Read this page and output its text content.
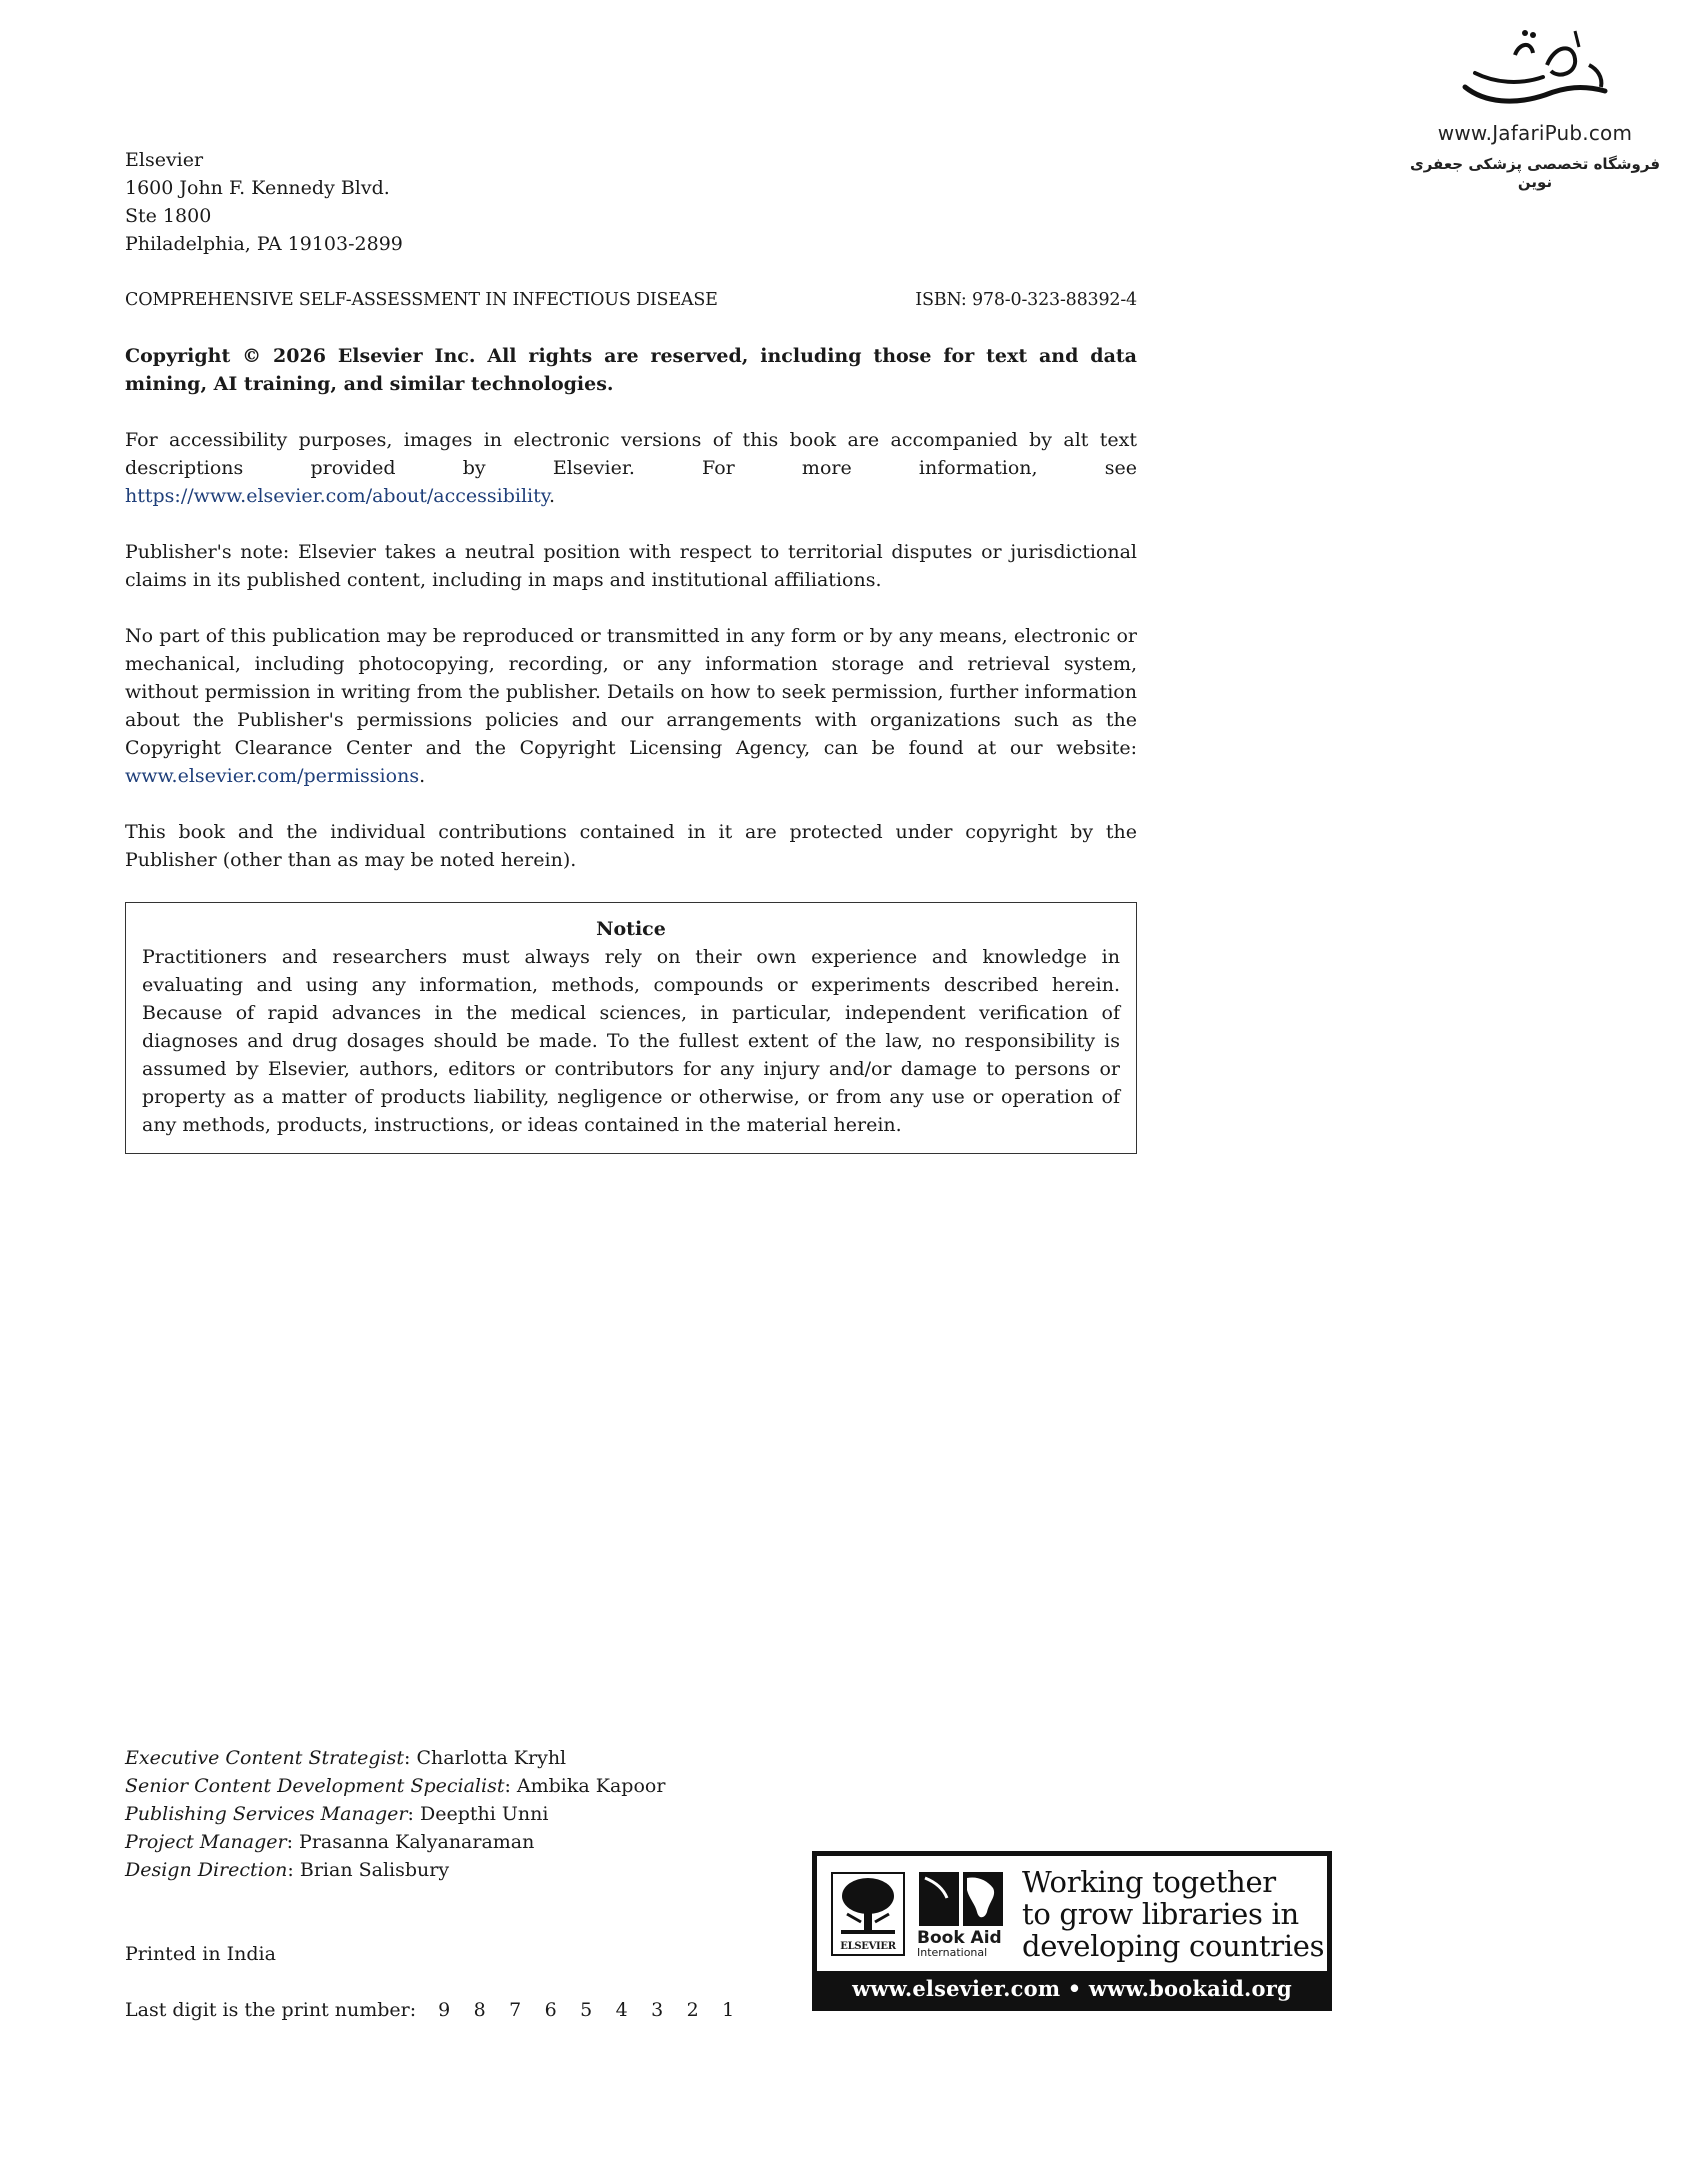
www.JafariPub.com
فروشگاه تخصصی پزشکی جعفری نوین
Elsevier
1600 John F. Kennedy Blvd.
Ste 1800
Philadelphia, PA 19103-2899
COMPREHENSIVE SELF-ASSESSMENT IN INFECTIOUS DISEASE	ISBN: 978-0-323-88392-4
Copyright © 2026 Elsevier Inc. All rights are reserved, including those for text and data mining, AI training, and similar technologies.
For accessibility purposes, images in electronic versions of this book are accompanied by alt text descriptions provided by Elsevier. For more information, see https://www.elsevier.com/about/accessibility.
Publisher's note: Elsevier takes a neutral position with respect to territorial disputes or jurisdictional claims in its published content, including in maps and institutional affiliations.
No part of this publication may be reproduced or transmitted in any form or by any means, electronic or mechanical, including photocopying, recording, or any information storage and retrieval system, without permission in writing from the publisher. Details on how to seek permission, further information about the Publisher's permissions policies and our arrangements with organizations such as the Copyright Clearance Center and the Copyright Licensing Agency, can be found at our website: www.elsevier.com/permissions.
This book and the individual contributions contained in it are protected under copyright by the Publisher (other than as may be noted herein).
Notice
Practitioners and researchers must always rely on their own experience and knowledge in evaluating and using any information, methods, compounds or experiments described herein. Because of rapid advances in the medical sciences, in particular, independent verification of diagnoses and drug dosages should be made. To the fullest extent of the law, no responsibility is assumed by Elsevier, authors, editors or contributors for any injury and/or damage to persons or property as a matter of products liability, negligence or otherwise, or from any use or operation of any methods, products, instructions, or ideas contained in the material herein.
Executive Content Strategist: Charlotta Kryhl
Senior Content Development Specialist: Ambika Kapoor
Publishing Services Manager: Deepthi Unni
Project Manager: Prasanna Kalyanaraman
Design Direction: Brian Salisbury
Printed in India
Last digit is the print number: 9	8	7	6	5	4	3	2	1
ELSEVIER	Book Aid
International
Working together
to grow libraries in
developing countries
www.elsevier.com • www.bookaid.org
